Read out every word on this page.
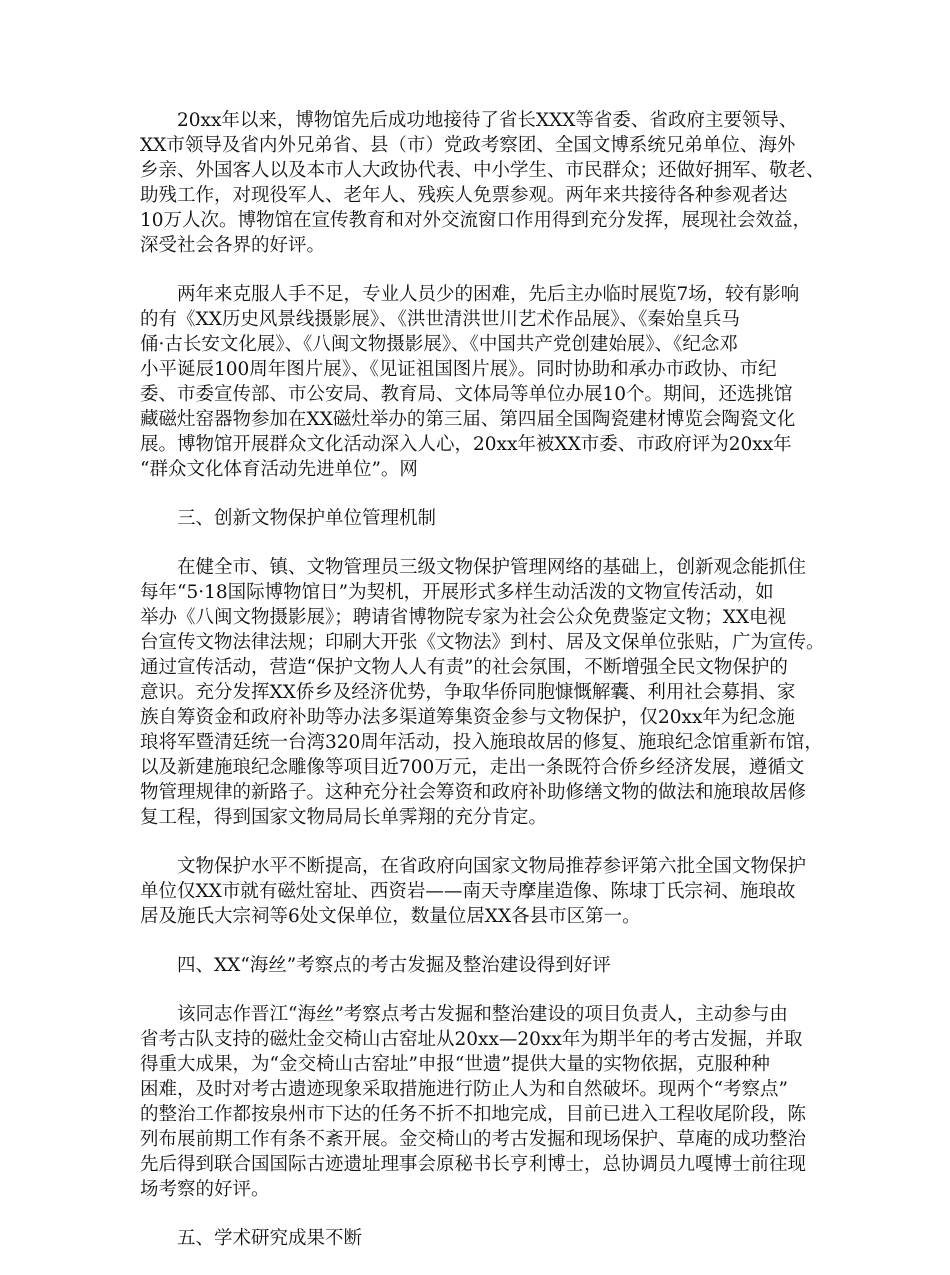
20xx年以来，博物馆先后成功地接待了省长XXX等省委、省政府主要领导、
XX市领导及省内外兄弟省、县（市）党政考察团、全国文博系统兄弟单位、海外
乡亲、外国客人以及本市人大政协代表、中小学生、市民群众；还做好拥军、敬老、
助残工作，对现役军人、老年人、残疾人免票参观。两年来共接待各种参观者达
10万人次。博物馆在宣传教育和对外交流窗口作用得到充分发挥，展现社会效益，
深受社会各界的好评。
两年来克服人手不足，专业人员少的困难，先后主办临时展览7场，较有影响
的有《XX历史风景线摄影展》、《洪世清洪世川艺术作品展》、《秦始皇兵马
俑·古长安文化展》、《八闽文物摄影展》、《中国共产党创建始展》、《纪念邓
小平诞辰100周年图片展》、《见证祖国图片展》。同时协助和承办市政协、市纪
委、市委宣传部、市公安局、教育局、文体局等单位办展10个。期间，还选挑馆
藏磁灶窑器物参加在XX磁灶举办的第三届、第四届全国陶瓷建材博览会陶瓷文化
展。博物馆开展群众文化活动深入人心，20xx年被XX市委、市政府评为20xx年
“群众文化体育活动先进单位”。网
三、创新文物保护单位管理机制
在健全市、镇、文物管理员三级文物保护管理网络的基础上，创新观念能抓住
每年“5·18国际博物馆日”为契机，开展形式多样生动活泼的文物宣传活动，如
举办《八闽文物摄影展》；聘请省博物院专家为社会公众免费鉴定文物；XX电视
台宣传文物法律法规；印刷大开张《文物法》到村、居及文保单位张贴，广为宣传。
通过宣传活动，营造“保护文物人人有责”的社会氛围，不断增强全民文物保护的
意识。充分发挥XX侨乡及经济优势，争取华侨同胞慷慨解囊、利用社会募捐、家
族自筹资金和政府补助等办法多渠道筹集资金参与文物保护，仅20xx年为纪念施
琅将军暨清廷统一台湾320周年活动，投入施琅故居的修复、施琅纪念馆重新布馆，
以及新建施琅纪念雕像等项目近700万元，走出一条既符合侨乡经济发展，遵循文
物管理规律的新路子。这种充分社会筹资和政府补助修缮文物的做法和施琅故居修
复工程，得到国家文物局局长单霁翔的充分肯定。
文物保护水平不断提高，在省政府向国家文物局推荐参评第六批全国文物保护
单位仅XX市就有磁灶窑址、西资岩——南天寺摩崖造像、陈埭丁氏宗祠、施琅故
居及施氏大宗祠等6处文保单位，数量位居XX各县市区第一。
四、XX“海丝”考察点的考古发掘及整治建设得到好评
该同志作晋江“海丝”考察点考古发掘和整治建设的项目负责人，主动参与由
省考古队支持的磁灶金交椅山古窑址从20xx—20xx年为期半年的考古发掘，并取
得重大成果，为“金交椅山古窑址”申报“世遗”提供大量的实物依据，克服种种
困难，及时对考古遗迹现象采取措施进行防止人为和自然破坏。现两个“考察点”
的整治工作都按泉州市下达的任务不折不扣地完成，目前已进入工程收尾阶段，陈
列布展前期工作有条不紊开展。金交椅山的考古发掘和现场保护、草庵的成功整治
先后得到联合国国际古迹遗址理事会原秘书长亨利博士，总协调员九嘎博士前往现
场考察的好评。
五、学术研究成果不断
